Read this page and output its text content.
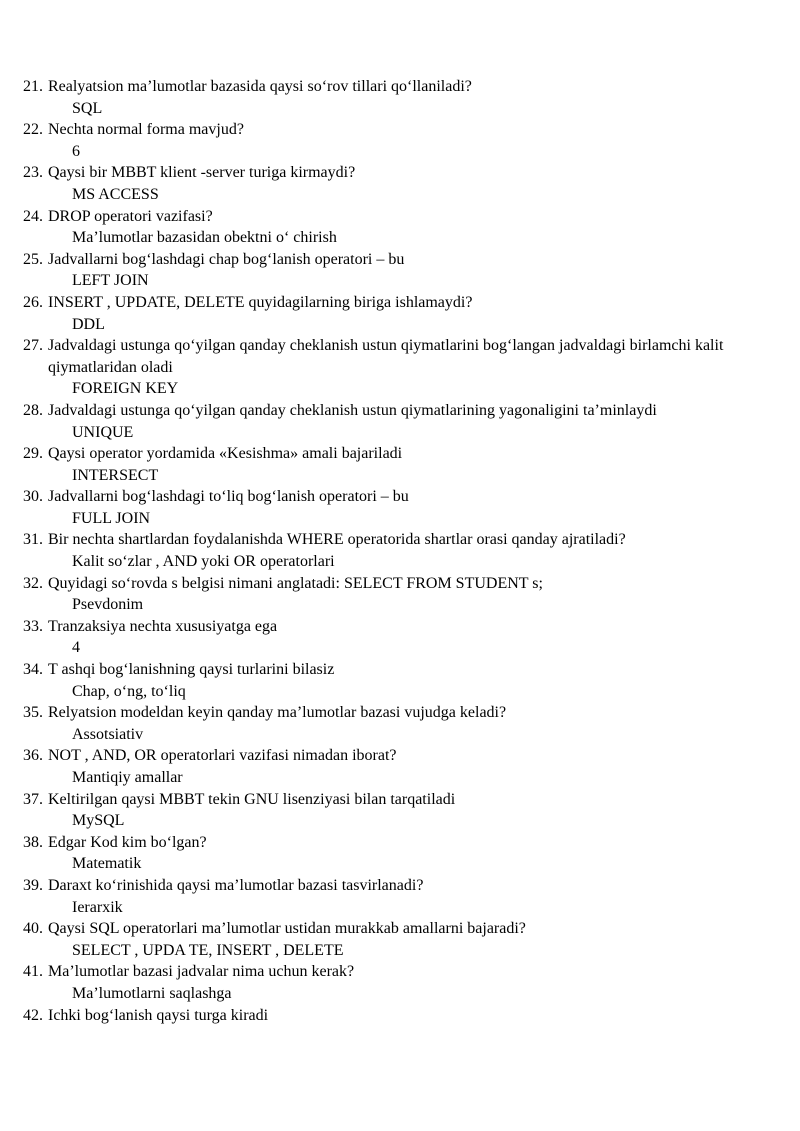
21. Realyatsion ma’lumotlar bazasida qaysi so‘rov tillari qo‘llaniladi?
SQL
22. Nechta normal forma mavjud?
6
23. Qaysi bir MBBT klient -server turiga kirmaydi?
MS ACCESS
24. DROP operatori vazifasi?
Ma’lumotlar bazasidan obektni o‘ chirish
25. Jadvallarni bog‘lashdagi chap bog‘lanish operatori – bu
LEFT JOIN
26. INSERT , UPDATE, DELETE quyidagilarning biriga ishlamaydi?
DDL
27. Jadvaldagi ustunga qo‘yilgan qanday cheklanish ustun qiymatlarini bog‘langan jadvaldagi birlamchi kalit qiymatlaridan oladi
FOREIGN KEY
28. Jadvaldagi ustunga qo‘yilgan qanday cheklanish ustun qiymatlarining yagonaligini ta’minlaydi
UNIQUE
29. Qaysi operator yordamida «Kesishma» amali bajariladi
INTERSECT
30. Jadvallarni bog‘lashdagi to‘liq bog‘lanish operatori – bu
FULL JOIN
31. Bir nechta shartlardan foydalanishda WHERE operatorida shartlar orasi qanday ajratiladi?
Kalit so‘zlar , AND yoki OR operatorlari
32. Quyidagi so‘rovda s belgisi nimani anglatadi: SELECT FROM STUDENT s;
Psevdonim
33. Tranzaksiya nechta xususiyatga ega
4
34. T ashqi bog‘lanishning qaysi turlarini bilasiz
Chap, o‘ng, to‘liq
35. Relyatsion modeldan keyin qanday ma’lumotlar bazasi vujudga keladi?
Assotsiativ
36. NOT , AND, OR operatorlari vazifasi nimadan iborat?
Mantiqiy amallar
37. Keltirilgan qaysi MBBT tekin GNU lisenziyasi bilan tarqatiladi
MySQL
38. Edgar Kod kim bo‘lgan?
Matematik
39. Daraxt ko‘rinishida qaysi ma’lumotlar bazasi tasvirlanadi?
Ierarxik
40. Qaysi SQL operatorlari ma’lumotlar ustidan murakkab amallarni bajaradi?
SELECT , UPDA TE, INSERT , DELETE
41. Ma’lumotlar bazasi jadvalar nima uchun kerak?
Ma’lumotlarni saqlashga
42. Ichki bog‘lanish qaysi turga kiradi
